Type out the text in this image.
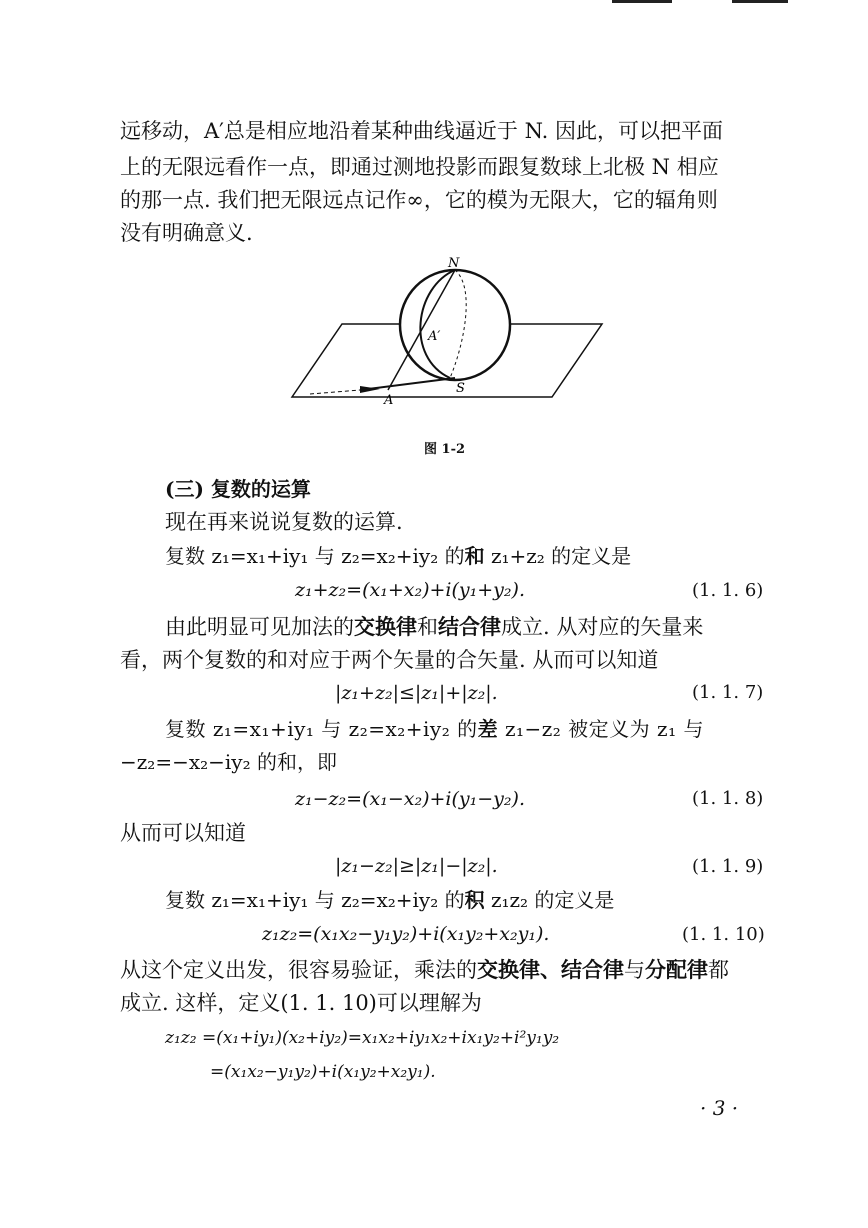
远移动，A′总是相应地沿着某种曲线逼近于 N. 因此，可以把平面
上的无限远看作一点，即通过测地投影而跟复数球上北极 N 相应
的那一点. 我们把无限远点记作∞，它的模为无限大，它的辐角则
没有明确意义.
N
A′
S
A
图 1-2
(三) 复数的运算
现在再来说说复数的运算.
复数 z₁=x₁+iy₁ 与 z₂=x₂+iy₂ 的和 z₁+z₂ 的定义是
z₁+z₂=(x₁+x₂)+i(y₁+y₂).	(1. 1. 6)
由此明显可见加法的交换律和结合律成立. 从对应的矢量来
看，两个复数的和对应于两个矢量的合矢量. 从而可以知道
|z₁+z₂|≤|z₁|+|z₂|.	(1. 1. 7)
复数 z₁=x₁+iy₁ 与 z₂=x₂+iy₂ 的差 z₁−z₂ 被定义为 z₁ 与
−z₂=−x₂−iy₂ 的和，即
z₁−z₂=(x₁−x₂)+i(y₁−y₂).	(1. 1. 8)
从而可以知道
|z₁−z₂|≥|z₁|−|z₂|.	(1. 1. 9)
复数 z₁=x₁+iy₁ 与 z₂=x₂+iy₂ 的积 z₁z₂ 的定义是
z₁z₂=(x₁x₂−y₁y₂)+i(x₁y₂+x₂y₁).	(1. 1. 10)
从这个定义出发，很容易验证，乘法的交换律、结合律与分配律都
成立. 这样，定义(1. 1. 10)可以理解为
z₁z₂ =(x₁+iy₁)(x₂+iy₂)=x₁x₂+iy₁x₂+ix₁y₂+i²y₁y₂
=(x₁x₂−y₁y₂)+i(x₁y₂+x₂y₁).
· 3 ·
